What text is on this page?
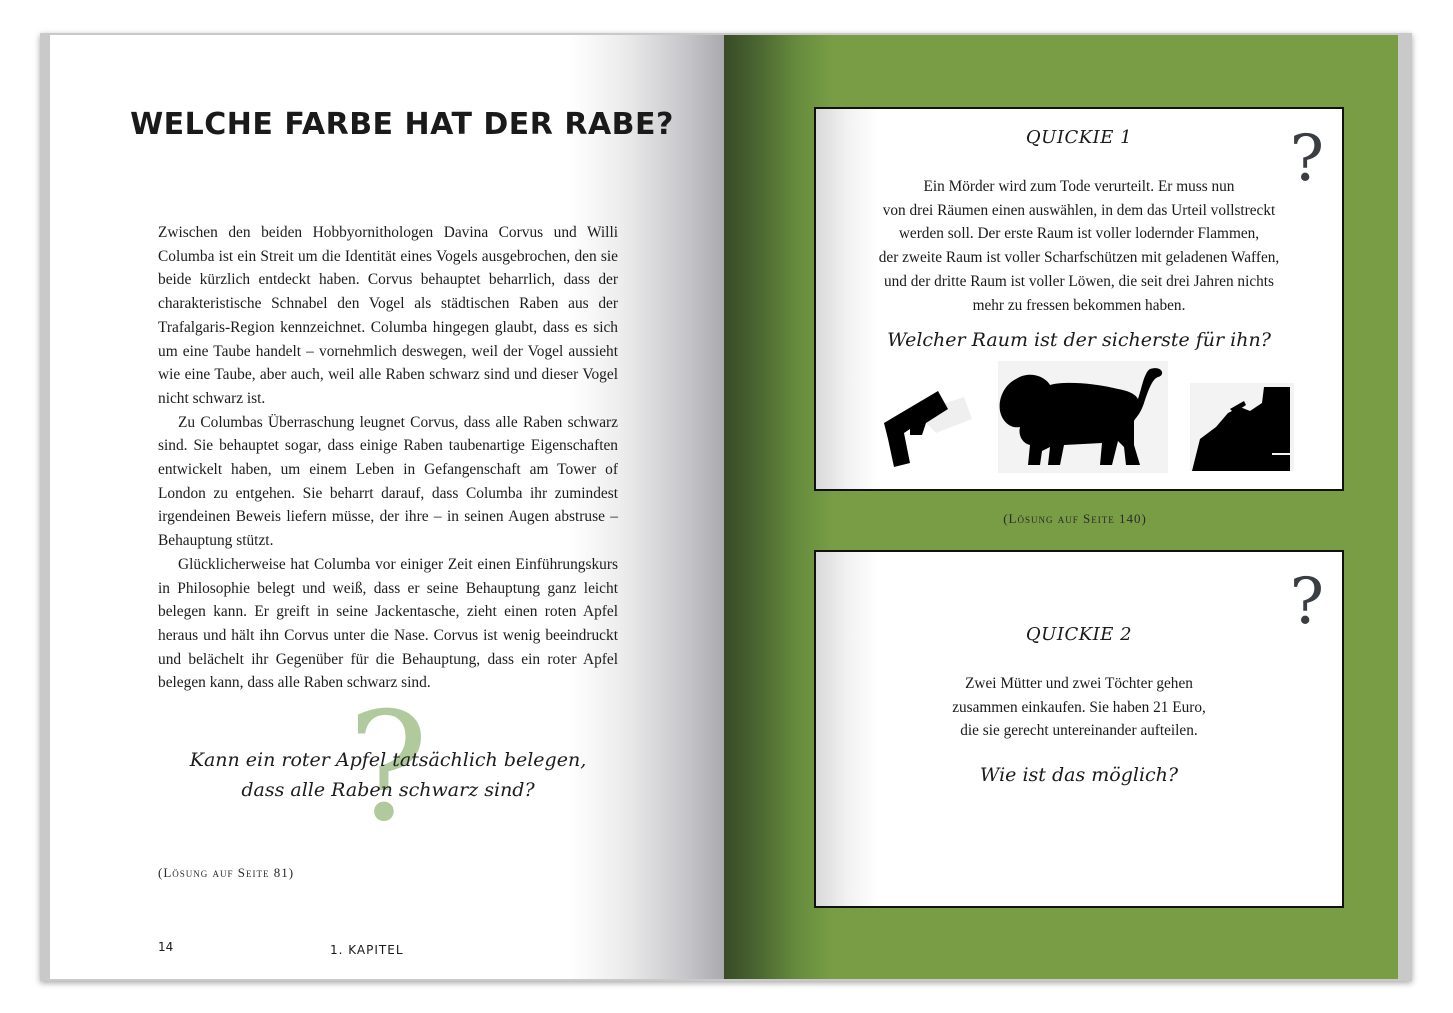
WELCHE FARBE HAT DER RABE?

Zwischen den beiden Hobbyornithologen Davina Corvus und Willi Columba ist ein Streit um die Identität eines Vogels ausgebrochen, den sie beide kürzlich entdeckt haben. Corvus behauptet beharrlich, dass der charakteristische Schnabel den Vogel als städtischen Raben aus der Trafalgaris-Region kennzeichnet. Columba hingegen glaubt, dass es sich um eine Taube handelt – vornehmlich deswegen, weil der Vogel aussieht wie eine Taube, aber auch, weil alle Raben schwarz sind und dieser Vogel nicht schwarz ist.

Zu Columbas Überraschung leugnet Corvus, dass alle Raben schwarz sind. Sie behauptet sogar, dass einige Raben taubenartige Eigenschaften entwickelt haben, um einem Leben in Gefangenschaft am Tower of London zu entgehen. Sie beharrt darauf, dass Columba ihr zumindest irgendeinen Beweis liefern müsse, der ihre – in seinen Augen abstruse – Behauptung stützt.

Glücklicherweise hat Columba vor einiger Zeit einen Einführungskurs in Philosophie belegt und weiß, dass er seine Behauptung ganz leicht belegen kann. Er greift in seine Jackentasche, zieht einen roten Apfel heraus und hält ihn Corvus unter die Nase. Corvus ist wenig beeindruckt und belächelt ihr Gegenüber für die Behauptung, dass ein roter Apfel belegen kann, dass alle Raben schwarz sind.

?
Kann ein roter Apfel tatsächlich belegen,
dass alle Raben schwarz sind?
(Lösung auf Seite 81)
14	1. KAPITEL
QUICKIE 1	?
Ein Mörder wird zum Tode verurteilt. Er muss nun
von drei Räumen einen auswählen, in dem das Urteil vollstreckt
werden soll. Der erste Raum ist voller lodernder Flammen,
der zweite Raum ist voller Scharfschützen mit geladenen Waffen,
und der dritte Raum ist voller Löwen, die seit drei Jahren nichts
mehr zu fressen bekommen haben.
Welcher Raum ist der sicherste für ihn?
(Lösung auf Seite 140)
?
QUICKIE 2
Zwei Mütter und zwei Töchter gehen
zusammen einkaufen. Sie haben 21 Euro,
die sie gerecht untereinander aufteilen.
Wie ist das möglich?
